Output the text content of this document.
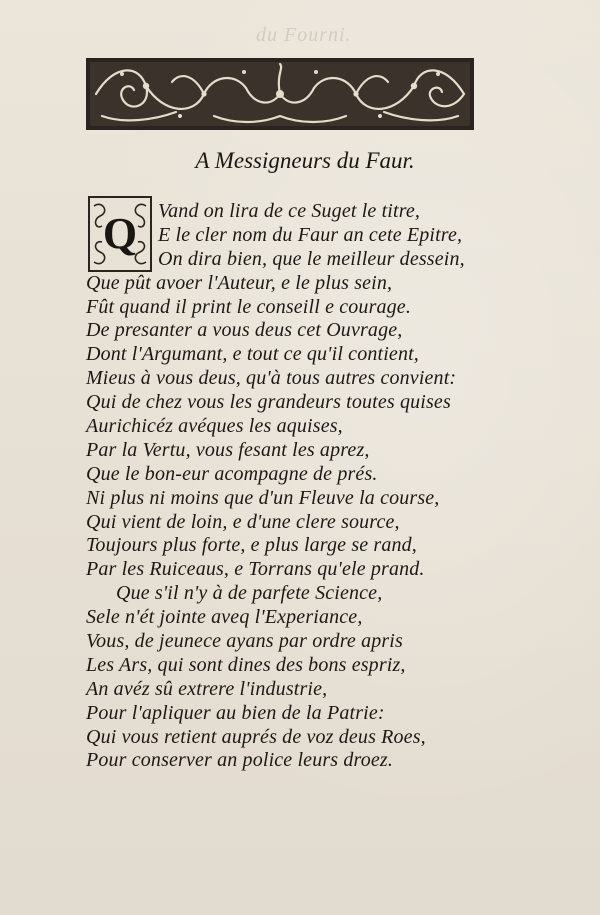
du Fourni.
A Messigneurs du Faur.
Q	Vand on lira de ce Suget le titre,
E le cler nom du Faur an cete Epitre,
On dira bien, que le meilleur dessein,
Que pût avoer l'Auteur, e le plus sein,
Fût quand il print le conseill e courage.
De presanter a vous deus cet Ouvrage,
Dont l'Argumant, e tout ce qu'il contient,
Mieus à vous deus, qu'à tous autres convient:
Qui de chez vous les grandeurs toutes quises
Aurichicéz avéques les aquises,
Par la Vertu, vous fesant les aprez,
Que le bon-eur acompagne de prés.
Ni plus ni moins que d'un Fleuve la course,
Qui vient de loin, e d'une clere source,
Toujours plus forte, e plus large se rand,
Par les Ruiceaus, e Torrans qu'ele prand.
Que s'il n'y à de parfete Science,
Sele n'ét jointe aveq l'Experiance,
Vous, de jeunece ayans par ordre apris
Les Ars, qui sont dines des bons espriz,
An avéz sû extrere l'industrie,
Pour l'apliquer au bien de la Patrie:
Qui vous retient auprés de voz deus Roes,
Pour conserver an police leurs droez.
